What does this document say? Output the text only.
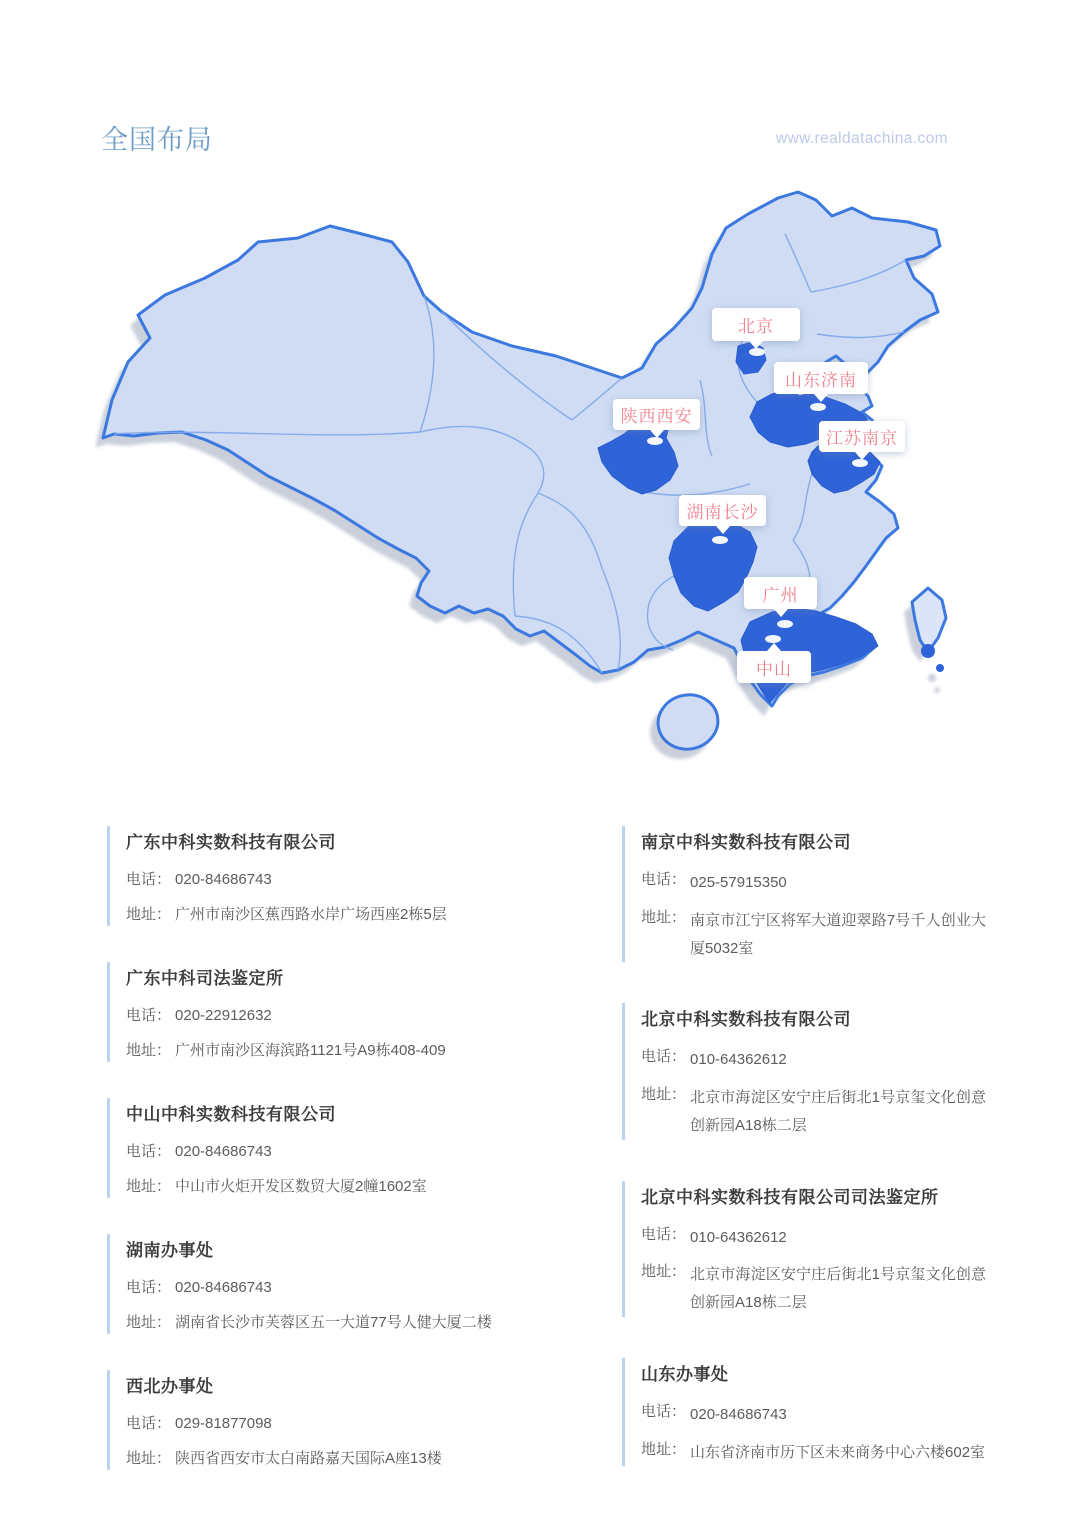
全国布局	www.realdatachina.com
北京
山东济南
陕西西安
江苏南京
湖南长沙
广州
中山
广东中科实数科技有限公司
电话： 020-84686743
地址： 广州市南沙区蕉西路水岸广场西座2栋5层
广东中科司法鉴定所
电话： 020-22912632
地址： 广州市南沙区海滨路1121号A9栋408-409
中山中科实数科技有限公司
电话： 020-84686743
地址： 中山市火炬开发区数贸大厦2幢1602室
湖南办事处
电话： 020-84686743
地址： 湖南省长沙市芙蓉区五一大道77号人健大厦二楼
西北办事处
电话： 029-81877098
地址： 陕西省西安市太白南路嘉天国际A座13楼
南京中科实数科技有限公司
电话： 025-57915350
地址： 南京市江宁区将军大道迎翠路7号千人创业大厦5032室
北京中科实数科技有限公司
电话： 010-64362612
地址： 北京市海淀区安宁庄后街北1号京玺文化创意创新园A18栋二层
北京中科实数科技有限公司司法鉴定所
电话： 010-64362612
地址： 北京市海淀区安宁庄后街北1号京玺文化创意创新园A18栋二层
山东办事处
电话： 020-84686743
地址： 山东省济南市历下区未来商务中心六楼602室
